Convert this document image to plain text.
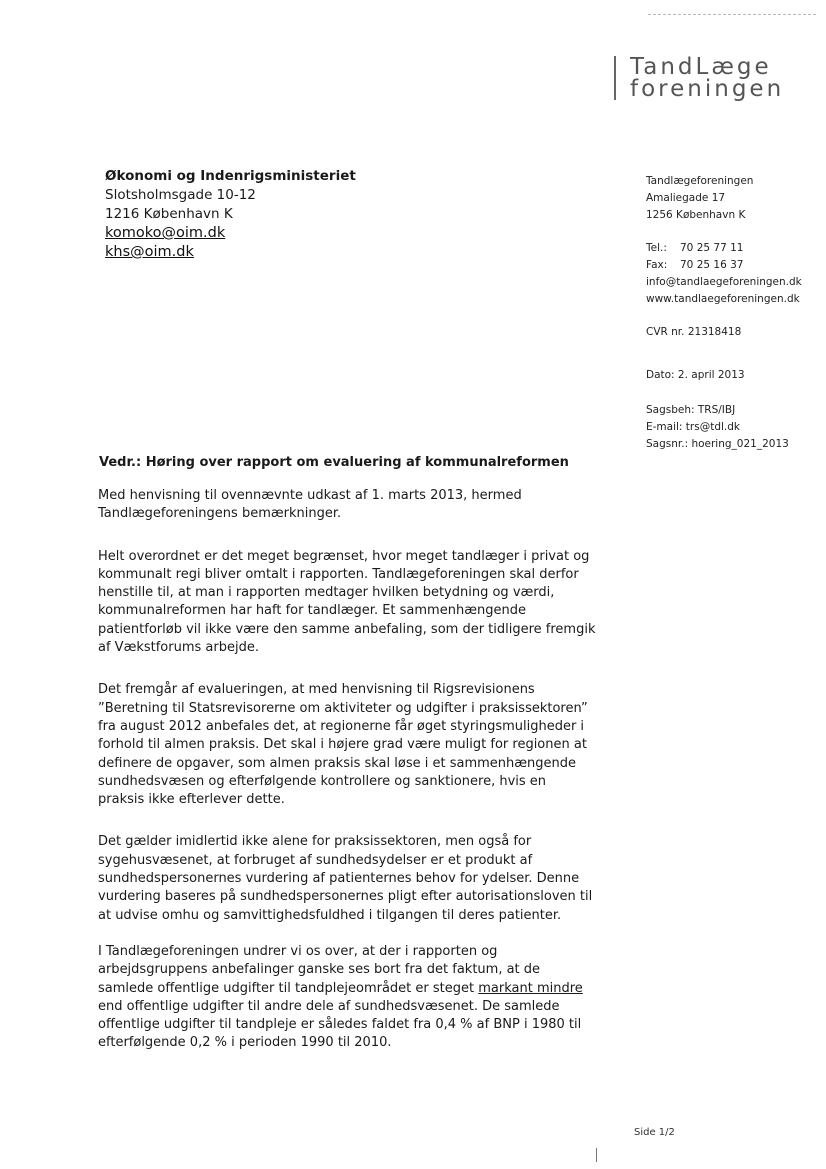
TandLæge
foreningen
Økonomi og Indenrigsministeriet
Slotsholmsgade 10-12
1216 København K
komoko@oim.dk
khs@oim.dk
Tandlægeforeningen
Amaliegade 17
1256 København K
Tel.: 70 25 77 11
Fax: 70 25 16 37
info@tandlaegeforeningen.dk
www.tandlaegeforeningen.dk
CVR nr. 21318418
Dato: 2. april 2013
Sagsbeh: TRS/IBJ
E-mail: trs@tdl.dk
Sagsnr.: hoering_021_2013
Vedr.: Høring over rapport om evaluering af kommunalreformen

Med henvisning til ovennævnte udkast af 1. marts 2013, hermed Tandlægeforeningens bemærkninger.

Helt overordnet er det meget begrænset, hvor meget tandlæger i privat og kommunalt regi bliver omtalt i rapporten. Tandlægeforeningen skal derfor henstille til, at man i rapporten medtager hvilken betydning og værdi, kommunalreformen har haft for tandlæger. Et sammenhængende patientforløb vil ikke være den samme anbefaling, som der tidligere fremgik af Vækstforums arbejde.

Det fremgår af evalueringen, at med henvisning til Rigsrevisionens ”Beretning til Statsrevisorerne om aktiviteter og udgifter i praksissektoren” fra august 2012 anbefales det, at regionerne får øget styringsmuligheder i forhold til almen praksis. Det skal i højere grad være muligt for regionen at definere de opgaver, som almen praksis skal løse i et sammenhængende sundhedsvæsen og efterfølgende kontrollere og sanktionere, hvis en praksis ikke efterlever dette.

Det gælder imidlertid ikke alene for praksissektoren, men også for sygehusvæsenet, at forbruget af sundhedsydelser er et produkt af sundhedspersonernes vurdering af patienternes behov for ydelser. Denne vurdering baseres på sundhedspersonernes pligt efter autorisationsloven til at udvise omhu og samvittighedsfuldhed i tilgangen til deres patienter.

I Tandlægeforeningen undrer vi os over, at der i rapporten og arbejdsgruppens anbefalinger ganske ses bort fra det faktum, at de samlede offentlige udgifter til tandplejeområdet er steget markant mindre end offentlige udgifter til andre dele af sundhedsvæsenet. De samlede offentlige udgifter til tandpleje er således faldet fra 0,4 % af BNP i 1980 til efterfølgende 0,2 % i perioden 1990 til 2010.

Side 1/2
